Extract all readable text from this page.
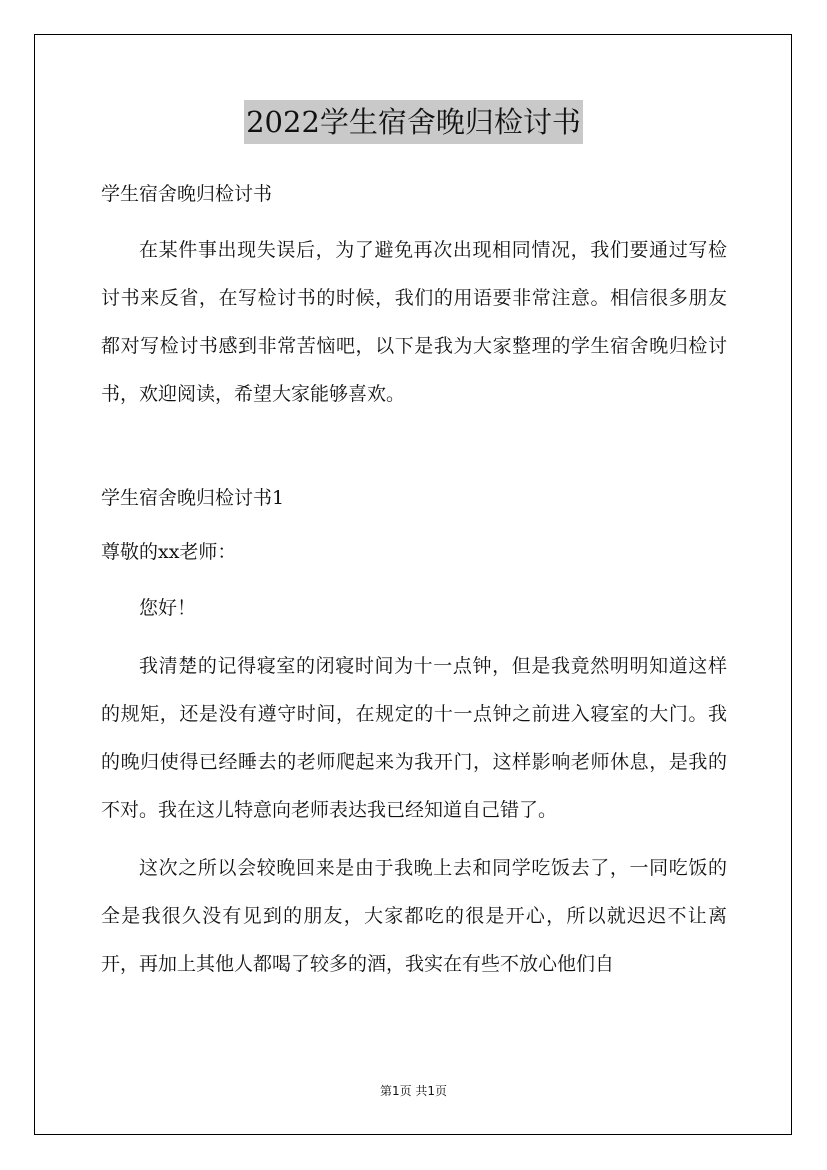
2022学生宿舍晚归检讨书

学生宿舍晚归检讨书

在某件事出现失误后，为了避免再次出现相同情况，我们要通过写检讨书来反省，在写检讨书的时候，我们的用语要非常注意。相信很多朋友都对写检讨书感到非常苦恼吧，以下是我为大家整理的学生宿舍晚归检讨书，欢迎阅读，希望大家能够喜欢。

学生宿舍晚归检讨书1

尊敬的xx老师：

您好！

我清楚的记得寝室的闭寝时间为十一点钟，但是我竟然明明知道这样的规矩，还是没有遵守时间，在规定的十一点钟之前进入寝室的大门。我的晚归使得已经睡去的老师爬起来为我开门，这样影响老师休息，是我的不对。我在这儿特意向老师表达我已经知道自己错了。

这次之所以会较晚回来是由于我晚上去和同学吃饭去了，一同吃饭的全是我很久没有见到的朋友，大家都吃的很是开心，所以就迟迟不让离开，再加上其他人都喝了较多的酒，我实在有些不放心他们自

第1页 共1页
